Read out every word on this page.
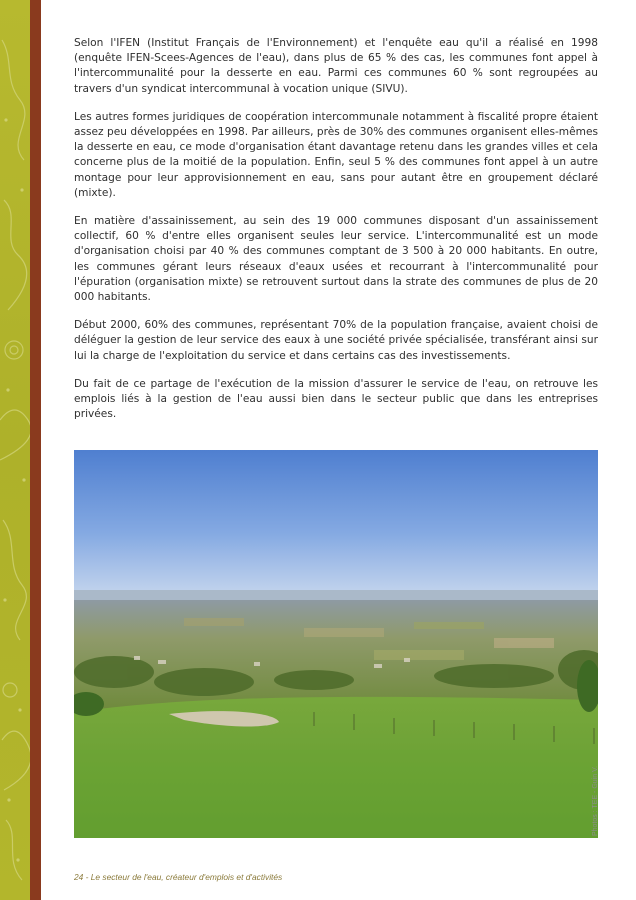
Selon l'IFEN (Institut Français de l'Environnement) et l'enquête eau qu'il a réalisé en 1998 (enquête IFEN-Scees-Agences de l'eau), dans plus de 65 % des cas, les communes font appel à l'intercommunalité pour la desserte en eau. Parmi ces communes 60 % sont regroupées au travers d'un syndicat intercommunal à vocation unique (SIVU).

Les autres formes juridiques de coopération intercommunale notamment à fiscalité propre étaient assez peu développées en 1998. Par ailleurs, près de 30% des communes organisent elles-mêmes la desserte en eau, ce mode d'organisation étant davantage retenu dans les grandes villes et cela concerne plus de la moitié de la population. Enfin, seul 5 % des communes font appel à un autre montage pour leur approvisionnement en eau, sans pour autant être en groupement déclaré (mixte).

En matière d'assainissement, au sein des 19 000 communes disposant d'un assainissement collectif, 60 % d'entre elles organisent seules leur service. L'intercommunalité est un mode d'organisation choisi par 40 % des communes comptant de 3 500 à 20 000 habitants. En outre, les communes gérant leurs réseaux d'eaux usées et recourrant à l'intercommunalité pour l'épuration (organisation mixte) se retrouvent surtout dans la strate des communes de plus de 20 000 habitants.

Début 2000, 60% des communes, représentant 70% de la population française, avaient choisi de déléguer la gestion de leur service des eaux à une société privée spécialisée, transférant ainsi sur lui la charge de l'exploitation du service et dans certains cas des investissements.

Du fait de ce partage de l'exécution de la mission d'assurer le service de l'eau, on retrouve les emplois liés à la gestion de l'eau aussi bien dans le secteur public que dans les entreprises privées.

Photos : TEE - Guin V.
24 - Le secteur de l'eau, créateur d'emplois et d'activités
